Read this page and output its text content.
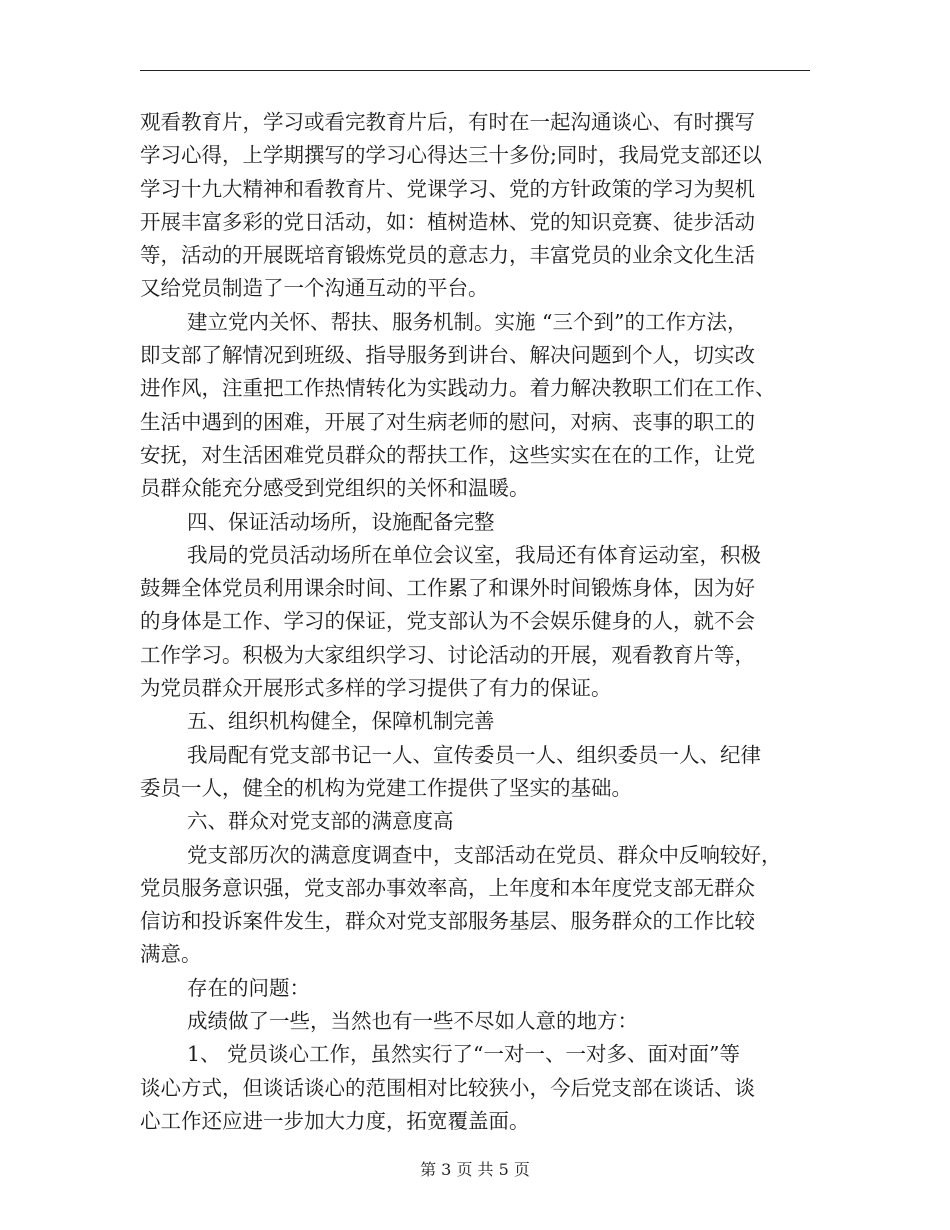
观看教育片，学习或看完教育片后，有时在一起沟通谈心、有时撰写

学习心得，上学期撰写的学习心得达三十多份;同时，我局党支部还以

学习十九大精神和看教育片、党课学习、党的方针政策的学习为契机

开展丰富多彩的党日活动，如：植树造林、党的知识竞赛、徒步活动

等，活动的开展既培育锻炼党员的意志力，丰富党员的业余文化生活

又给党员制造了一个沟通互动的平台。

建立党内关怀、帮扶、服务机制。实施 “三个到”的工作方法，

即支部了解情况到班级、指导服务到讲台、解决问题到个人，切实改

进作风，注重把工作热情转化为实践动力。着力解决教职工们在工作、

生活中遇到的困难，开展了对生病老师的慰问，对病、丧事的职工的

安抚，对生活困难党员群众的帮扶工作，这些实实在在的工作，让党

员群众能充分感受到党组织的关怀和温暖。

四、保证活动场所，设施配备完整

我局的党员活动场所在单位会议室，我局还有体育运动室，积极

鼓舞全体党员利用课余时间、工作累了和课外时间锻炼身体，因为好

的身体是工作、学习的保证，党支部认为不会娱乐健身的人，就不会

工作学习。积极为大家组织学习、讨论活动的开展，观看教育片等，

为党员群众开展形式多样的学习提供了有力的保证。

五、组织机构健全，保障机制完善

我局配有党支部书记一人、宣传委员一人、组织委员一人、纪律

委员一人，健全的机构为党建工作提供了坚实的基础。

六、群众对党支部的满意度高

党支部历次的满意度调查中，支部活动在党员、群众中反响较好，

党员服务意识强，党支部办事效率高，上年度和本年度党支部无群众

信访和投诉案件发生，群众对党支部服务基层、服务群众的工作比较

满意。

存在的问题：

成绩做了一些，当然也有一些不尽如人意的地方：

1、 党员谈心工作，虽然实行了“一对一、一对多、面对面”等

谈心方式，但谈话谈心的范围相对比较狭小，今后党支部在谈话、谈

心工作还应进一步加大力度，拓宽覆盖面。

第 3 页 共 5 页
